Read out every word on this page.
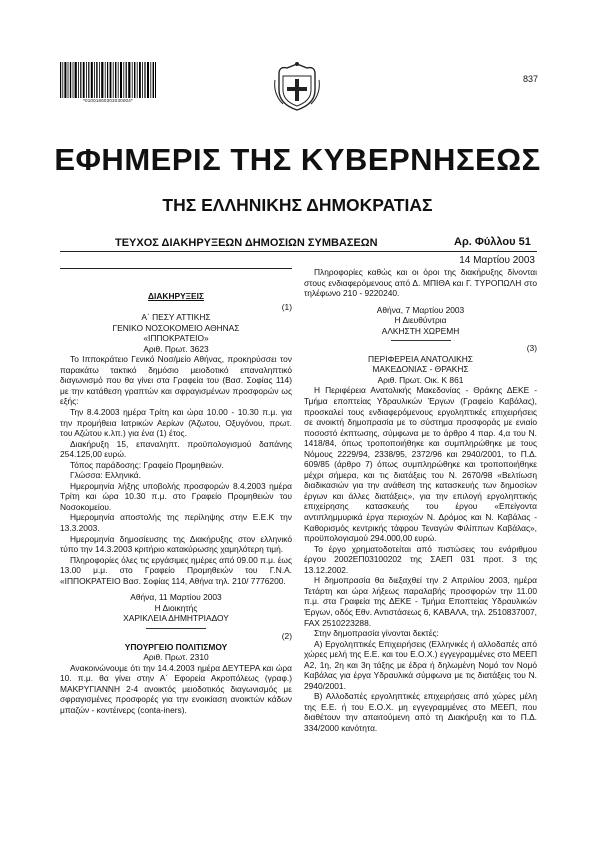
*01001860303030004*
837
ΕΦΗΜΕΡΙΣ ΤΗΣ ΚΥΒΕΡΝΗΣΕΩΣ
ΤΗΣ ΕΛΛΗΝΙΚΗΣ ΔΗΜΟΚΡΑΤΙΑΣ
ΤΕΥΧΟΣ ΔΙΑΚΗΡΥΞΕΩΝ ΔΗΜΟΣΙΩΝ ΣΥΜΒΑΣΕΩΝ	Αρ. Φύλλου 51
14 Μαρτίου 2003

ΔΙΑΚΗΡΥΞΕΙΣ

(1)

Α΄ ΠΕΣΥ ΑΤΤΙΚΗΣ

ΓΕΝΙΚΟ ΝΟΣΟΚΟΜΕΙΟ ΑΘΗΝΑΣ

«ΙΠΠΟΚΡΑΤΕΙΟ»

Αριθ. Πρωτ. 3623

Το Ιπποκράτειο Γενικό Νοσ/μείο Αθήνας, προκηρύσσει τον παρακάτω τακτικό δημόσιο μειοδοτικό επαναληπτικό διαγωνισμό που θα γίνει στα Γραφεία του (Βασ. Σοφίας 114) με την κατάθεση γραπτών και σφραγισμένων προσφορών ως εξής:

Την 8.4.2003 ημέρα Τρίτη και ώρα 10.00 - 10.30 π.μ. για την προμήθεια Ιατρικών Αερίων (Άζωτου, Οξυγόνου, πρωτ. του Αζώτου κ.λπ.) για ένα (1) έτος.

Διακήρυξη 15, επαναληπτ. προϋπολογισμού δαπάνης 254.125,00 ευρώ.

Τόπος παράδοσης: Γραφείο Προμηθειών.

Γλώσσα: Ελληνικά.

Ημερομηνία λήξης υποβολής προσφορών 8.4.2003 ημέρα Τρίτη και ώρα 10.30 π.μ. στο Γραφείο Προμηθειών του Νοσοκομείου.

Ημερομηνία αποστολής της περίληψης στην Ε.Ε.Κ την 13.3.2003.

Ημερομηνία δημοσίευσης της Διακήρυξης στον ελληνικό τύπο την 14.3.2003 κριτήριο κατακύρωσης χαμηλότερη τιμή.

Πληροφορίες όλες τις εργάσιμες ημέρες από 09.00 π.μ. έως 13.00 μ.μ. στο Γραφείο Προμηθειών του Γ.Ν.Α. «ΙΠΠΟΚΡΑΤΕΙΟ Βασ. Σοφίας 114, Αθήνα τηλ. 210/ 7776200.

Αθήνα, 11 Μαρτίου 2003

Η Διοικητής

ΧΑΡΙΚΛΕΙΑ ΔΗΜΗΤΡΙΑΔΟΥ

(2)

ΥΠΟΥΡΓΕΙΟ ΠΟΛΙΤΙΣΜΟΥ

Αριθ. Πρωτ. 2310

Ανακοινώνουμε ότι την 14.4.2003 ημέρα ΔΕΥΤΕΡΑ και ώρα 10. π.μ. θα γίνει στην Α΄ Εφορεία Ακροπόλεως (γραφ.) ΜΑΚΡΥΓΙΑΝΝΗ 2-4 ανοικτός μειοδοτικός διαγωνισμός με σφραγισμένες προσφορές για την ενοικίαση ανοικτών κάδων μπαζών - κοντέινερς (conta-iners).

Πληροφορίες καθώς και οι όροι της διακήρυξης δίνονται στους ενδιαφερόμενους από Δ. ΜΠΙΘΑ και Γ. ΤΥΡΟΠΩΛΗ στο τηλέφωνο 210 - 9220240.

Αθήνα, 7 Μαρτίου 2003

Η Διευθύντρια

ΑΛΚΗΣΤΗ ΧΩΡΕΜΗ

(3)

ΠΕΡΙΦΕΡΕΙΑ ΑΝΑΤΟΛΙΚΗΣ

ΜΑΚΕΔΟΝΙΑΣ - ΘΡΑΚΗΣ

Αριθ. Πρωτ. Οικ. Κ 861

Η Περιφέρεια Ανατολικής Μακεδονίας - Θράκης ΔΕΚΕ - Τμήμα εποπτείας Υδραυλικών Έργων (Γραφείο Καβάλας), προσκαλεί τους ενδιαφερόμενους εργοληπτικές επιχειρήσεις σε ανοικτή δημοπρασία με το σύστημα προσφοράς με ενιαίο ποσοστό έκπτωσης, σύμφωνα με το άρθρο 4 παρ. 4,α του Ν. 1418/84, όπως τροποποιήθηκε και συμπληρώθηκε με τους Νόμους 2229/94, 2338/95, 2372/96 και 2940/2001, το Π.Δ. 609/85 (άρθρο 7) όπως συμπληρώθηκε και τροποποιήθηκε μέχρι σήμερα, και τις διατάξεις του Ν. 2670/98 «Βελτίωση διαδικασιών για την ανάθεση της κατασκευής των δημοσίων έργων και άλλες διατάξεις», για την επιλογή εργοληπτικής επιχείρησης κατασκευής του έργου «Επείγοντα αντιπλημμυρικά έργα περιοχών Ν. Δρόμος και Ν. Καβάλας - Καθορισμός κεντρικής τάφρου Τεναγών Φιλίππων Καβάλας», προϋπολογισμού 294.000,00 ευρώ.

Το έργο χρηματοδοτείται από πιστώσεις του ενάριθμου έργου 2002ΕΠ03100202 της ΣΑΕΠ 031 προτ. 3 της 13.12.2002.

Η δημοπρασία θα διεξαχθεί την 2 Απριλίου 2003, ημέρα Τετάρτη και ώρα λήξεως παραλαβής προσφορών την 11.00 π.μ. στα Γραφεία της ΔΕΚΕ - Τμήμα Εποπτείας Υδραυλικών Έργων, οδός Εθν. Αντιστάσεως 6, ΚΑΒΑΛΑ, τηλ. 2510837007, FAX 2510223288.

Στην δημοπρασία γίνονται δεκτές:

Α) Εργοληπτικές Επιχειρήσεις (Ελληνικές ή αλλοδαπές από χώρες μελή της Ε.Ε. και του Ε.Ο.Χ.) εγγεγραμμένες στο ΜΕΕΠ Α2, 1η, 2η και 3η τάξης με έδρα ή δηλωμένη Νομό τον Νομό Καβάλας για έργα Υδραυλικά σύμφωνα με τις διατάξεις του Ν. 2940/2001.

Β) Αλλοδαπές εργοληπτικές επιχειρήσεις από χώρες μέλη της Ε.Ε. ή του Ε.Ο.Χ. μη εγγεγραμμένες στο ΜΕΕΠ, που διαθέτουν την απαιτούμενη από τη Διακήρυξη και το Π.Δ. 334/2000 κανότητα.
